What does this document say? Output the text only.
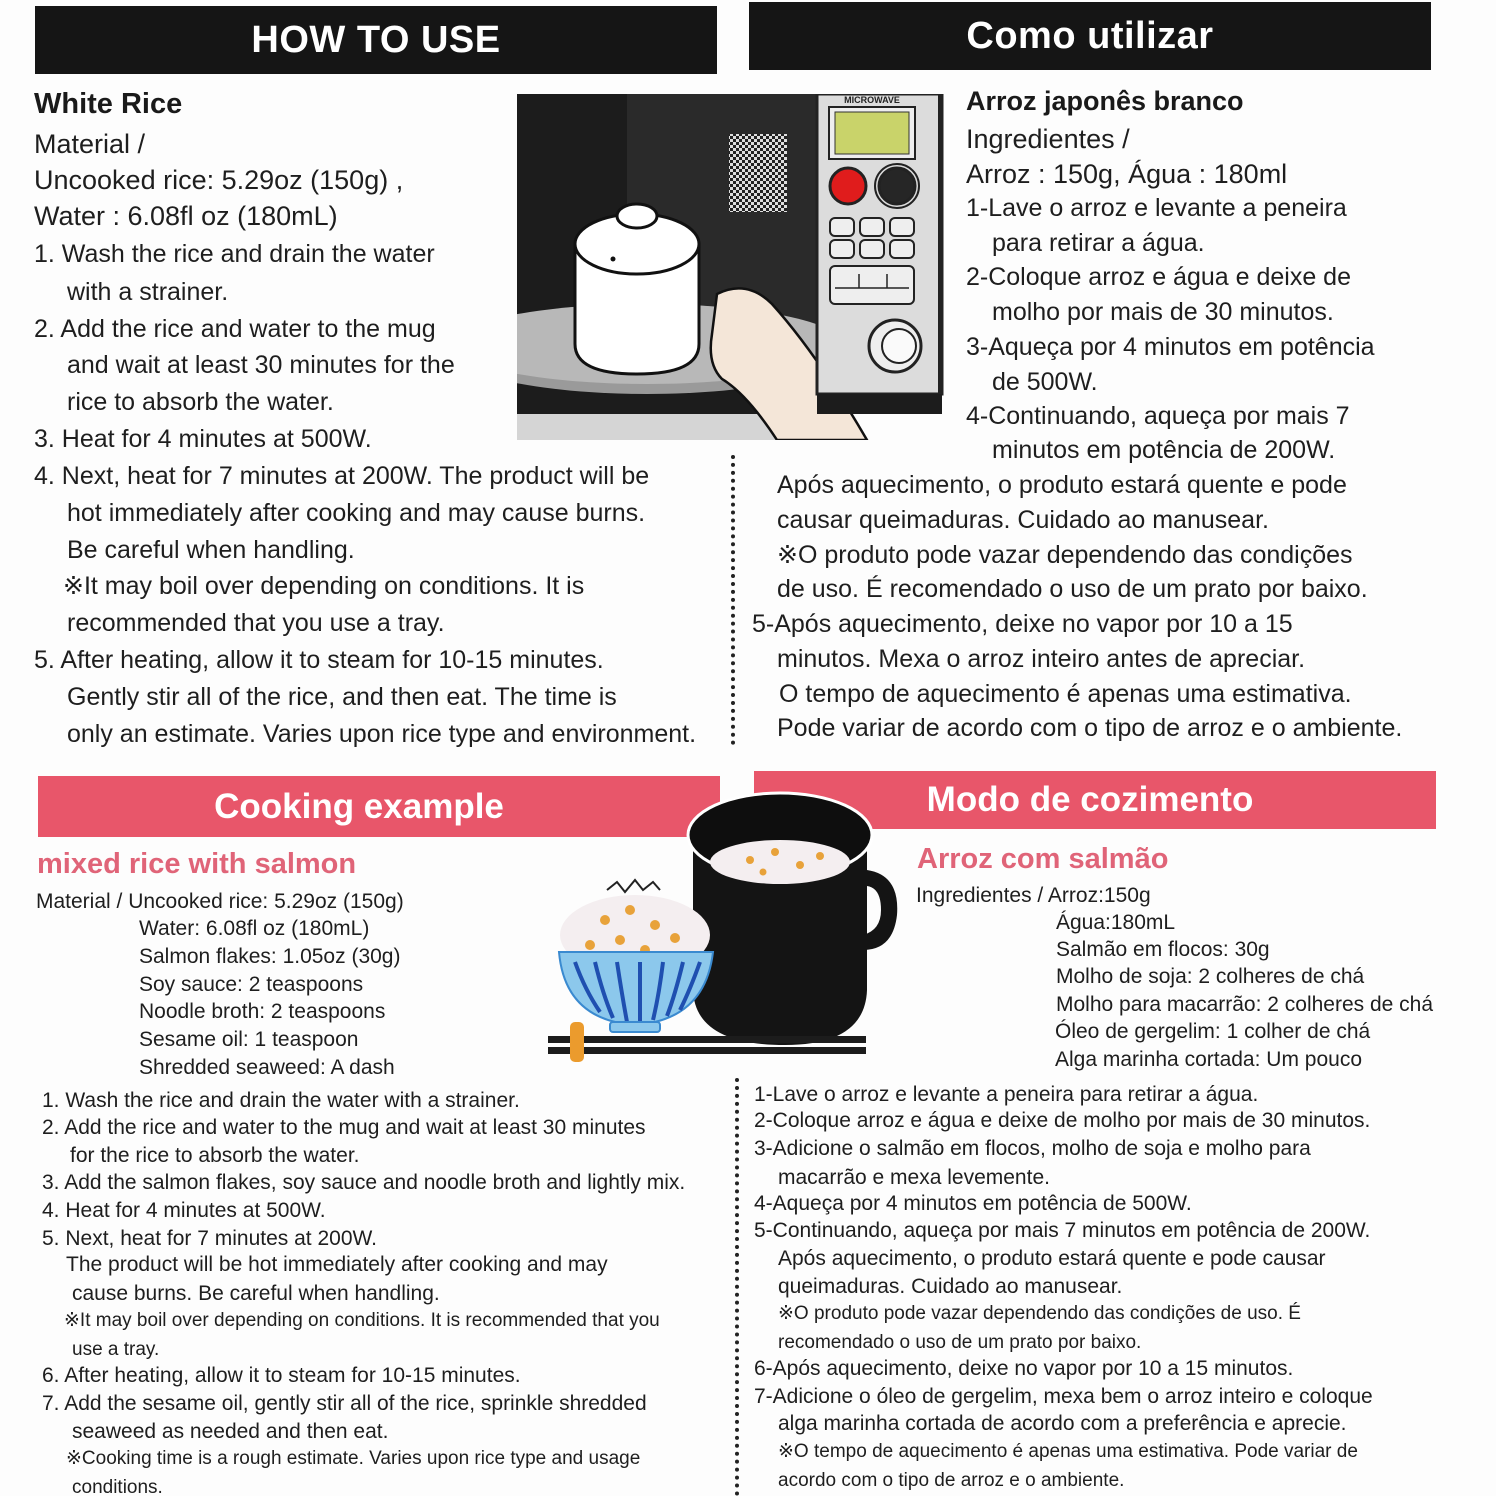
HOW TO USE
White Rice
Material /
Uncooked rice: 5.29oz (150g) ,
Water : 6.08fl oz (180mL)
1. Wash the rice and drain the water
with a strainer.
2. Add the rice and water to the mug
and wait at least 30 minutes for the
rice to absorb the water.
3. Heat for 4 minutes at 500W.
4. Next, heat for 7 minutes at 200W. The product will be
hot immediately after cooking and may cause burns.
Be careful when handling.
※It may boil over depending on conditions. It is
recommended that you use a tray.
5. After heating, allow it to steam for 10-15 minutes.
Gently stir all of the rice, and then eat. The time is
only an estimate. Varies upon rice type and environment.
MICROWAVE
Como utilizar
Arroz japonês branco
Ingredientes /
Arroz : 150g, Água : 180ml
1-Lave o arroz e levante a peneira
para retirar a água.
2-Coloque arroz e água e deixe de
molho por mais de 30 minutos.
3-Aqueça por 4 minutos em potência
de 500W.
4-Continuando, aqueça por mais 7
minutos em potência de 200W.
Após aquecimento, o produto estará quente e pode
causar queimaduras. Cuidado ao manusear.
※O produto pode vazar dependendo das condições
de uso. É recomendado o uso de um prato por baixo.
5-Após aquecimento, deixe no vapor por 10 a 15
minutos. Mexa o arroz inteiro antes de apreciar.
O tempo de aquecimento é apenas uma estimativa.
Pode variar de acordo com o tipo de arroz e o ambiente.
Cooking example
mixed rice with salmon
Material / Uncooked rice: 5.29oz (150g)
Water: 6.08fl oz (180mL)
Salmon flakes: 1.05oz (30g)
Soy sauce: 2 teaspoons
Noodle broth: 2 teaspoons
Sesame oil: 1 teaspoon
Shredded seaweed: A dash
1. Wash the rice and drain the water with a strainer.
2. Add the rice and water to the mug and wait at least 30 minutes
for the rice to absorb the water.
3. Add the salmon flakes, soy sauce and noodle broth and lightly mix.
4. Heat for 4 minutes at 500W.
5. Next, heat for 7 minutes at 200W.
The product will be hot immediately after cooking and may
cause burns. Be careful when handling.
※It may boil over depending on conditions. It is recommended that you
use a tray.
6. After heating, allow it to steam for 10-15 minutes.
7. Add the sesame oil, gently stir all of the rice, sprinkle shredded
seaweed as needed and then eat.
※Cooking time is a rough estimate. Varies upon rice type and usage
conditions.
Modo de cozimento
Arroz com salmão
Ingredientes / Arroz:150g
Água:180mL
Salmão em flocos: 30g
Molho de soja: 2 colheres de chá
Molho para macarrão: 2 colheres de chá
Óleo de gergelim: 1 colher de chá
Alga marinha cortada: Um pouco
1-Lave o arroz e levante a peneira para retirar a água.
2-Coloque arroz e água e deixe de molho por mais de 30 minutos.
3-Adicione o salmão em flocos, molho de soja e molho para
macarrão e mexa levemente.
4-Aqueça por 4 minutos em potência de 500W.
5-Continuando, aqueça por mais 7 minutos em potência de 200W.
Após aquecimento, o produto estará quente e pode causar
queimaduras. Cuidado ao manusear.
※O produto pode vazar dependendo das condições de uso. É
recomendado o uso de um prato por baixo.
6-Após aquecimento, deixe no vapor por 10 a 15 minutos.
7-Adicione o óleo de gergelim, mexa bem o arroz inteiro e coloque
alga marinha cortada de acordo com a preferência e aprecie.
※O tempo de aquecimento é apenas uma estimativa. Pode variar de
acordo com o tipo de arroz e o ambiente.
